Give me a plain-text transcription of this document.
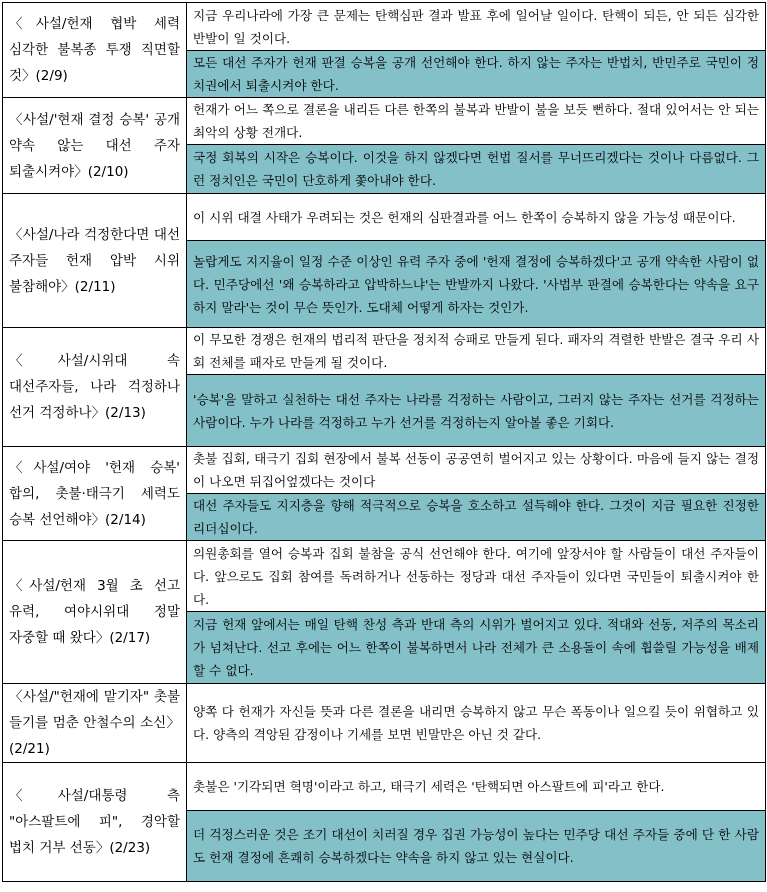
〈사설/헌재 협박 세력 심각한 불복종 투쟁 직면할 것〉(2/9)	지금 우리나라에 가장 큰 문제는 탄핵심판 결과 발표 후에 일어날 일이다. 탄핵이 되든, 안 되든 심각한 반발이 일 것이다.
	모든 대선 주자가 헌재 판결 승복을 공개 선언해야 한다. 하지 않는 주자는 반법치, 반민주로 국민이 정치권에서 퇴출시켜야 한다.
〈사설/'현재 결정 승복' 공개 약속 않는 대선 주자 퇴출시켜야〉(2/10)	헌재가 어느 쪽으로 결론을 내리든 다른 한쪽의 불복과 반발이 불을 보듯 뻔하다. 절대 있어서는 안 되는 최악의 상황 전개다.
	국정 회복의 시작은 승복이다. 이것을 하지 않겠다면 헌법 질서를 무너뜨리겠다는 것이나 다름없다. 그런 정치인은 국민이 단호하게 쫓아내야 한다.
〈사설/나라 걱정한다면 대선 주자들 헌재 압박 시위 불참해야〉(2/11)	이 시위 대결 사태가 우려되는 것은 헌재의 심판결과를 어느 한쪽이 승복하지 않을 가능성 때문이다.
	놀랍게도 지지율이 일정 수준 이상인 유력 주자 중에 '헌재 결정에 승복하겠다'고 공개 약속한 사람이 없다. 민주당에선 '왜 승복하라고 압박하느냐'는 반발까지 나왔다. '사법부 판결에 승복한다는 약속을 요구하지 말라'는 것이 무슨 뜻인가. 도대체 어떻게 하자는 것인가.
〈사설/시위대 속 대선주자들, 나라 걱정하나 선거 걱정하나〉(2/13)	이 무모한 경쟁은 헌재의 법리적 판단을 정치적 승패로 만들게 된다. 패자의 격렬한 반발은 결국 우리 사회 전체를 패자로 만들게 될 것이다.
	'승복'을 말하고 실천하는 대선 주자는 나라를 걱정하는 사람이고, 그러지 않는 주자는 선거를 걱정하는 사람이다. 누가 나라를 걱정하고 누가 선거를 걱정하는지 알아볼 좋은 기회다.
〈사설/여야 '헌재 승복' 합의, 촛불·태극기 세력도 승복 선언해야〉(2/14)	촛불 집회, 태극기 집회 현장에서 불복 선동이 공공연히 벌어지고 있는 상황이다. 마음에 들지 않는 결정이 나오면 뒤집어엎겠다는 것이다
	대선 주자들도 지지층을 향해 적극적으로 승복을 호소하고 설득해야 한다. 그것이 지금 필요한 진정한 리더십이다.
〈사설/헌재 3월 초 선고 유력, 여야시위대 정말 자중할 때 왔다〉(2/17)	의원총회를 열어 승복과 집회 불참을 공식 선언해야 한다. 여기에 앞장서야 할 사람들이 대선 주자들이다. 앞으로도 집회 참여를 독려하거나 선동하는 정당과 대선 주자들이 있다면 국민들이 퇴출시켜야 한다.
	지금 헌재 앞에서는 매일 탄핵 찬성 측과 반대 측의 시위가 벌어지고 있다. 적대와 선동, 저주의 목소리가 넘쳐난다. 선고 후에는 어느 한쪽이 불복하면서 나라 전체가 큰 소용돌이 속에 휩쓸릴 가능성을 배제할 수 없다.
〈사설/"헌재에 맡기자" 촛불 들기를 멈춘 안철수의 소신〉(2/21)	양쪽 다 헌재가 자신들 뜻과 다른 결론을 내리면 승복하지 않고 무슨 폭동이나 일으킬 듯이 위협하고 있다. 양측의 격앙된 감정이나 기세를 보면 빈말만은 아닌 것 같다.
〈사설/대통령 측 "아스팔트에 피", 경악할 법치 거부 선동〉(2/23)	촛불은 '기각되면 혁명'이라고 하고, 태극기 세력은 '탄핵되면 아스팔트에 피'라고 한다.
	더 걱정스러운 것은 조기 대선이 치러질 경우 집권 가능성이 높다는 민주당 대선 주자들 중에 단 한 사람도 헌재 결정에 흔쾌히 승복하겠다는 약속을 하지 않고 있는 현실이다.
